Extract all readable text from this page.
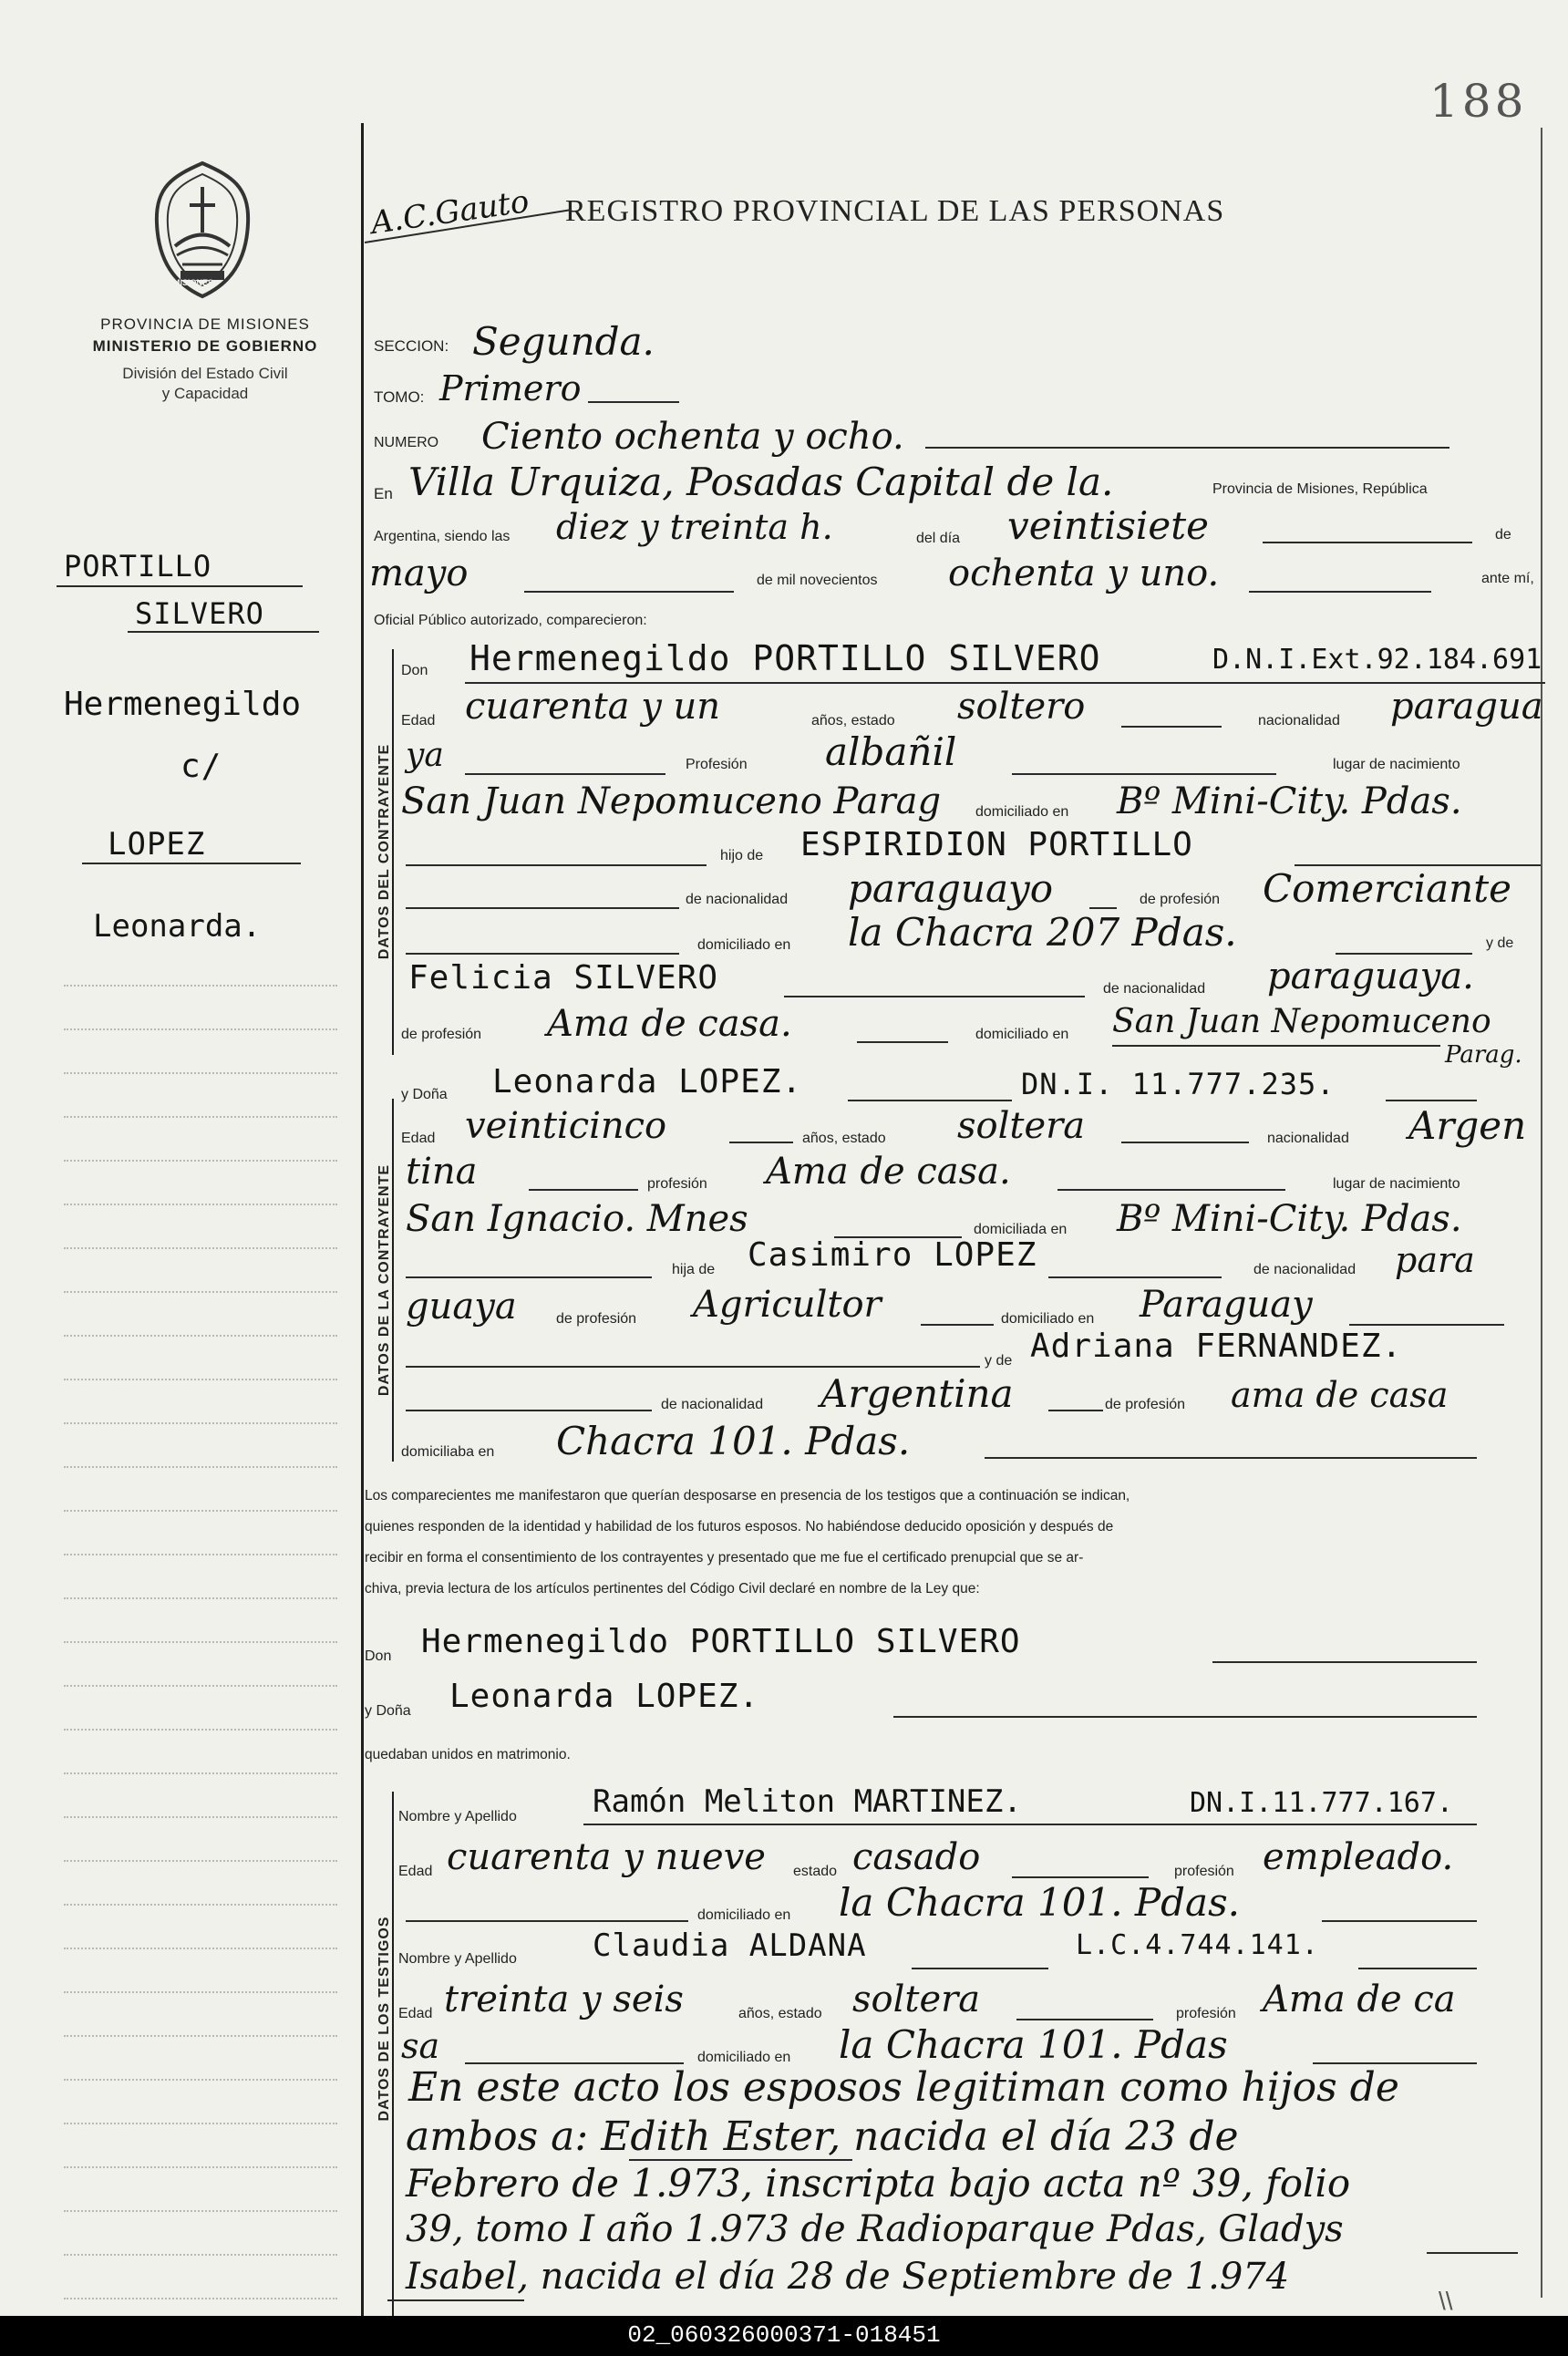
188
MISIONES
PROVINCIA DE MISIONES
MINISTERIO DE GOBIERNO
División del Estado Civil
y Capacidad
PORTILLO
SILVERO
Hermenegildo
c/
LOPEZ
Leonarda.
A.C.Gauto REGISTRO PROVINCIAL DE LAS PERSONAS
SECCION: Segunda.
TOMO: Primero
NUMERO Ciento ochenta y ocho.
En Villa Urquiza, Posadas Capital de la.	Provincia de Misiones, República
Argentina, siendo las diez y treinta h.	del día veintisiete	de
mayo	de mil novecientos ochenta y uno.	ante mí,
Oficial Público autorizado, comparecieron:
DATOS DEL CONTRAYENTE
Don Hermenegildo PORTILLO SILVERO	D.N.I.Ext.92.184.691
Edad cuarenta y un	años, estado soltero	nacionalidad paragua
ya	Profesión albañil	lugar de nacimiento
San Juan Nepomuceno Parag domiciliado en Bº Mini-City. Pdas.
hijo de ESPIRIDION PORTILLO
de nacionalidad paraguayo	de profesión Comerciante
domiciliado en la Chacra 207 Pdas.	y de
Felicia SILVERO	de nacionalidad paraguaya.
de profesión Ama de casa.	domiciliado en San Juan Nepomuceno
Parag.
DATOS DE LA CONTRAYENTE
y Doña Leonarda LOPEZ.	DN.I. 11.777.235.
Edad veinticinco	años, estado soltera	nacionalidad Argen
tina	profesión Ama de casa.	lugar de nacimiento
San Ignacio. Mnes	domiciliada en Bº Mini-City. Pdas.
hija de Casimiro LOPEZ	de nacionalidad para
guaya	de profesión Agricultor	domiciliado en Paraguay
y de Adriana FERNANDEZ.
de nacionalidad Argentina	de profesión ama de casa
domiciliaba en Chacra 101. Pdas.
Los comparecientes me manifestaron que querían desposarse en presencia de los testigos que a continuación se indican,
quienes responden de la identidad y habilidad de los futuros esposos. No habiéndose deducido oposición y después de
recibir en forma el consentimiento de los contrayentes y presentado que me fue el certificado prenupcial que se ar-
chiva, previa lectura de los artículos pertinentes del Código Civil declaré en nombre de la Ley que:
Don Hermenegildo PORTILLO SILVERO
y Doña Leonarda LOPEZ.
quedaban unidos en matrimonio.
DATOS DE LOS TESTIGOS
Nombre y Apellido Ramón Meliton MARTINEZ.	DN.I.11.777.167.
Edad cuarenta y nueve estado casado	profesión empleado.
domiciliado en la Chacra 101. Pdas.
Nombre y Apellido Claudia ALDANA	L.C.4.744.141.
Edad treinta y seis	años, estado soltera	profesión Ama de ca
sa	domiciliado en la Chacra 101. Pdas
En este acto los esposos legitiman como hijos de
ambos a: Edith Ester, nacida el día 23 de
Febrero de 1.973, inscripta bajo acta nº 39, folio
39, tomo I año 1.973 de Radioparque Pdas, Gladys
Isabel, nacida el día 28 de Septiembre de 1.974
\\
02_060326000371-018451
